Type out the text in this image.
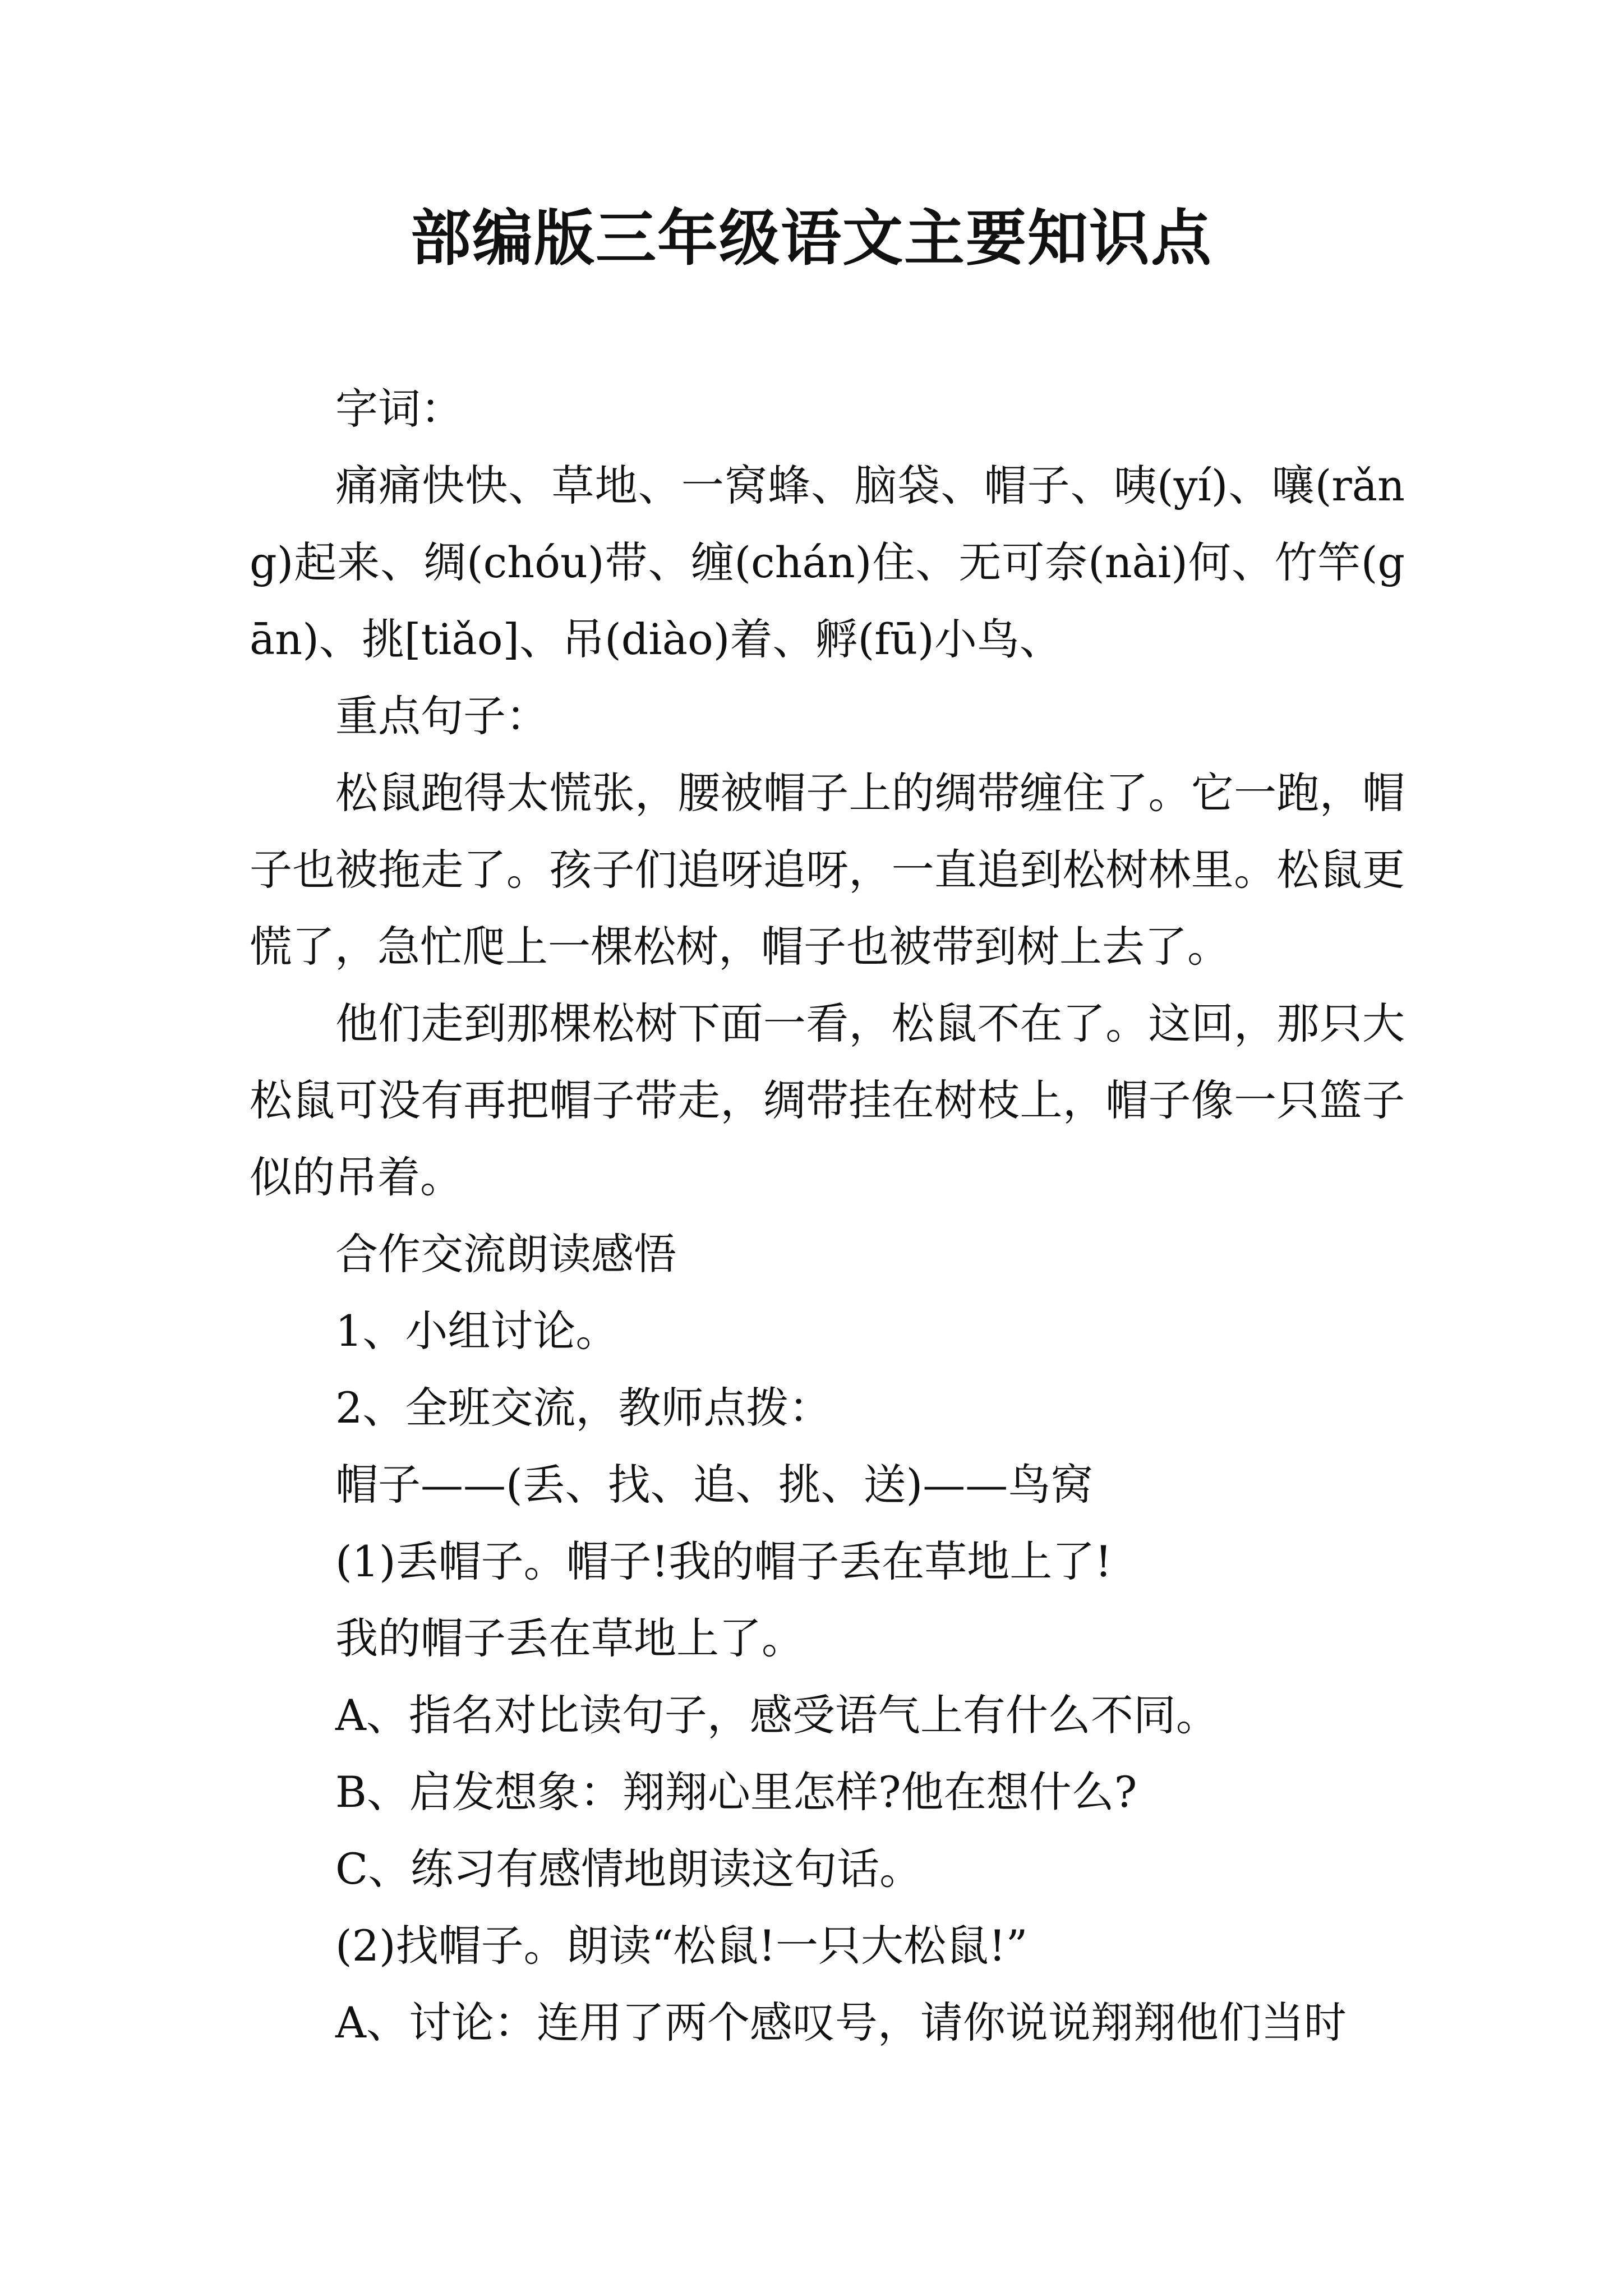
部编版三年级语文主要知识点

字词：

痛痛快快、草地、一窝蜂、脑袋、帽子、咦(yí)、嚷(rǎng)起来、绸(chóu)带、缠(chán)住、无可奈(nài)何、竹竿(gān)、挑[tiǎo]、吊(diào)着、孵(fū)小鸟、

重点句子：

松鼠跑得太慌张，腰被帽子上的绸带缠住了。它一跑，帽子也被拖走了。孩子们追呀追呀，一直追到松树林里。松鼠更慌了，急忙爬上一棵松树，帽子也被带到树上去了。

他们走到那棵松树下面一看，松鼠不在了。这回，那只大松鼠可没有再把帽子带走，绸带挂在树枝上，帽子像一只篮子似的吊着。

合作交流朗读感悟

1、小组讨论。

2、全班交流，教师点拨：

帽子——(丢、找、追、挑、送)——鸟窝

(1)丢帽子。帽子!我的帽子丢在草地上了!

我的帽子丢在草地上了。

A、指名对比读句子，感受语气上有什么不同。

B、启发想象：翔翔心里怎样?他在想什么?

C、练习有感情地朗读这句话。

(2)找帽子。朗读“松鼠!一只大松鼠!”

A、讨论：连用了两个感叹号，请你说说翔翔他们当时
